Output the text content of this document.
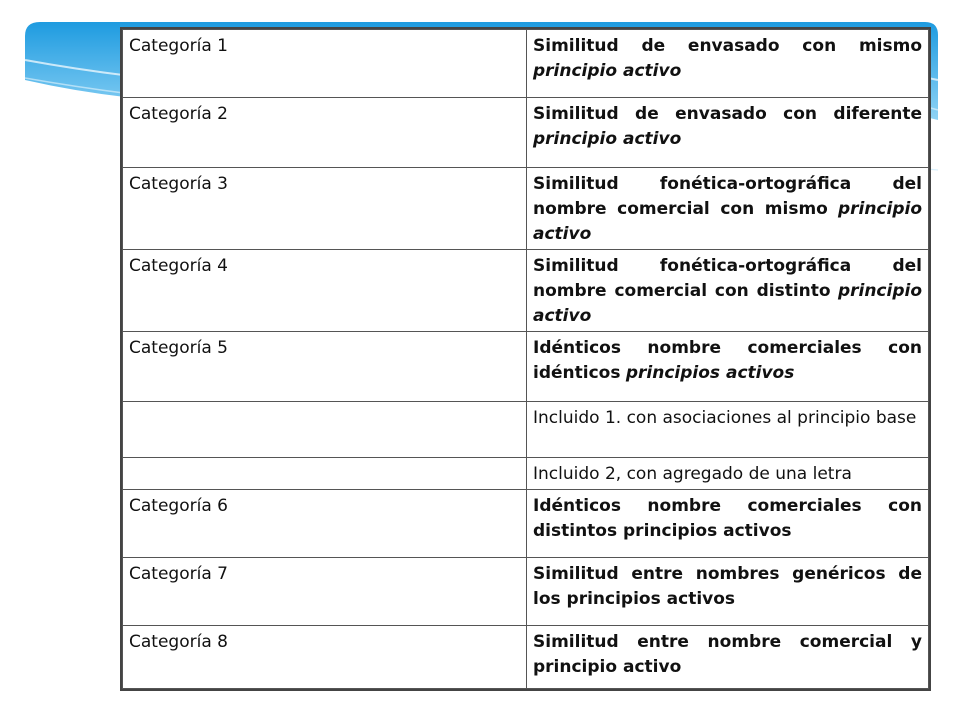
Categoría 1	Similitud de envasado con mismo principio activo
Categoría 2	Similitud de envasado con diferente principio activo
Categoría 3	Similitud fonética-ortográfica del nombre comercial con mismo principio activo
Categoría 4	Similitud fonética-ortográfica del nombre comercial con distinto principio activo
Categoría 5	Idénticos nombre comerciales con idénticos principios activos
	Incluido 1. con asociaciones al principio base
	Incluido 2, con agregado de una letra
Categoría 6	Idénticos nombre comerciales con distintos principios activos
Categoría 7	Similitud entre nombres genéricos de los principios activos
Categoría 8	Similitud entre nombre comercial y principio activo
